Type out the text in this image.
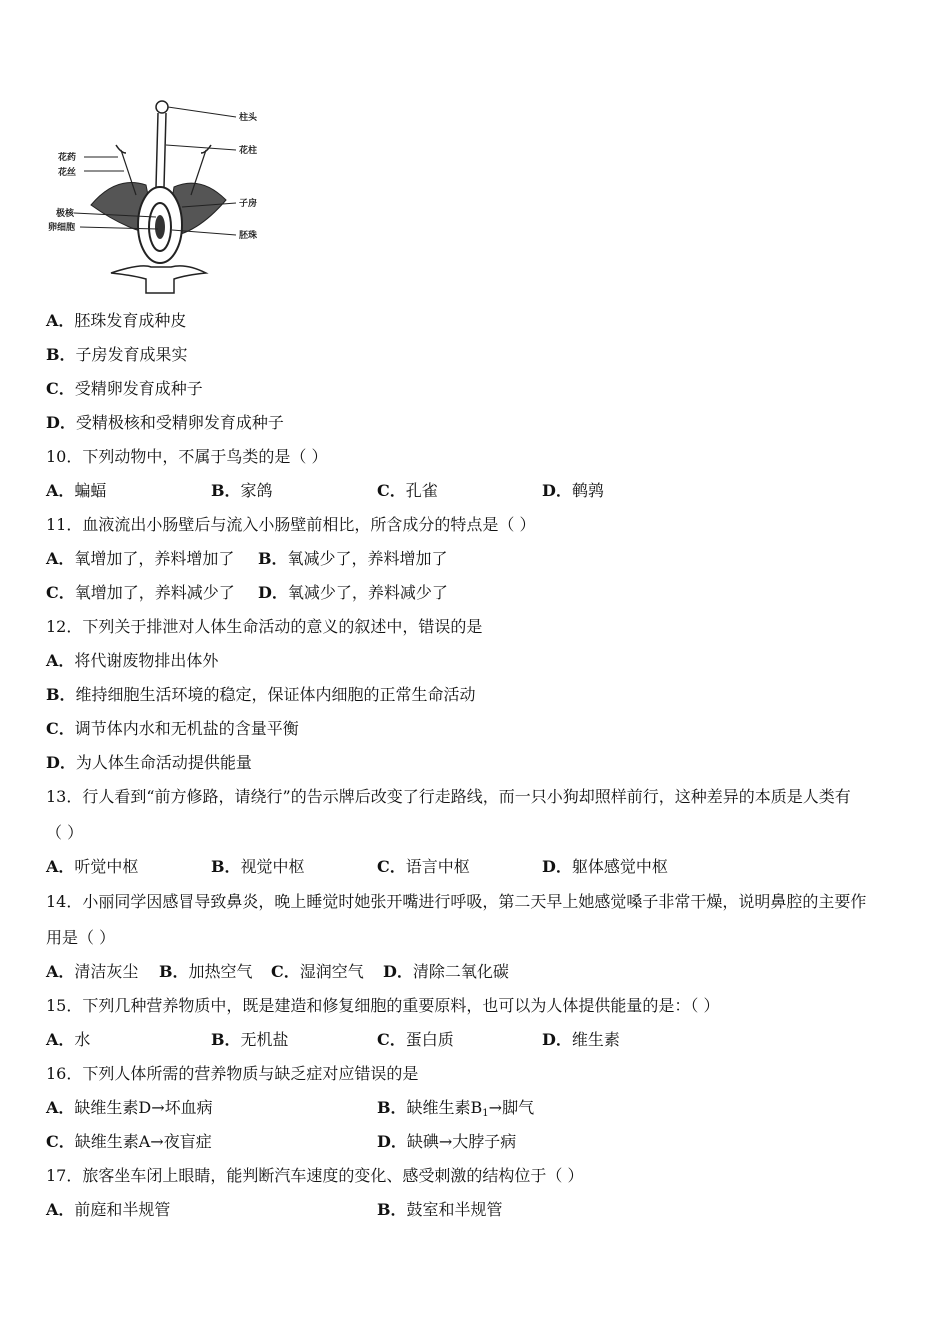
柱头
花柱
花药
花丝
子房
极核
卵细胞
胚珠
A．胚珠发育成种皮
B．子房发育成果实
C．受精卵发育成种子
D．受精极核和受精卵发育成种子
10．下列动物中，不属于鸟类的是（ ）
A．蝙蝠	B．家鸽	C．孔雀	D．鹌鹑
11．血液流出小肠壁后与流入小肠壁前相比，所含成分的特点是（ ）
A．氧增加了，养料增加了 B．氧减少了，养料增加了
C．氧增加了，养料减少了 D．氧减少了，养料减少了
12．下列关于排泄对人体生命活动的意义的叙述中，错误的是
A．将代谢废物排出体外
B．维持细胞生活环境的稳定，保证体内细胞的正常生命活动
C．调节体内水和无机盐的含量平衡
D．为人体生命活动提供能量
13．行人看到“前方修路，请绕行”的告示牌后改变了行走路线，而一只小狗却照样前行，这种差异的本质是人类有
（ ）
A．听觉中枢	B．视觉中枢	C．语言中枢	D．躯体感觉中枢
14．小丽同学因感冒导致鼻炎，晚上睡觉时她张开嘴进行呼吸，第二天早上她感觉嗓子非常干燥，说明鼻腔的主要作
用是（ ）
A．清洁灰尘 B．加热空气 C．湿润空气 D．清除二氧化碳
15．下列几种营养物质中，既是建造和修复细胞的重要原料，也可以为人体提供能量的是：（ ）
A．水	B．无机盐	C．蛋白质	D．维生素
16．下列人体所需的营养物质与缺乏症对应错误的是
A．缺维生素D→坏血病	B．缺维生素$B_1\to$脚气
C．缺维生素A→夜盲症	D．缺碘→大脖子病
17．旅客坐车闭上眼睛，能判断汽车速度的变化、感受刺激的结构位于（ ）
A．前庭和半规管	B．鼓室和半规管
